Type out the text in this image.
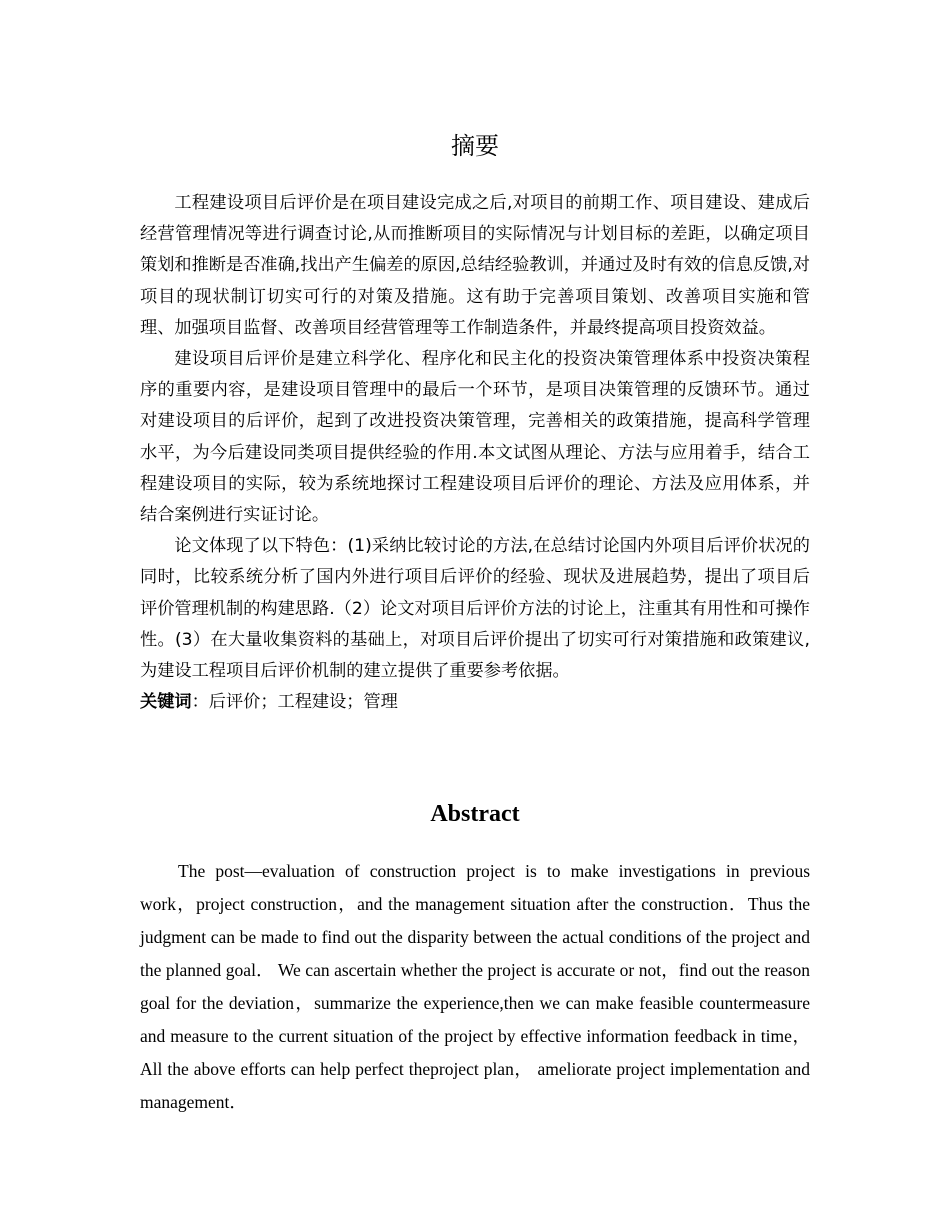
摘要

工程建设项目后评价是在项目建设完成之后,对项目的前期工作、项目建设、建成后经营管理情况等进行调查讨论,从而推断项目的实际情况与计划目标的差距，以确定项目策划和推断是否准确,找出产生偏差的原因,总结经验教训，并通过及时有效的信息反馈,对项目的现状制订切实可行的对策及措施。这有助于完善项目策划、改善项目实施和管理、加强项目监督、改善项目经营管理等工作制造条件，并最终提高项目投资效益。

建设项目后评价是建立科学化、程序化和民主化的投资决策管理体系中投资决策程序的重要内容，是建设项目管理中的最后一个环节，是项目决策管理的反馈环节。通过对建设项目的后评价，起到了改进投资决策管理，完善相关的政策措施，提高科学管理水平，为今后建设同类项目提供经验的作用.本文试图从理论、方法与应用着手，结合工程建设项目的实际，较为系统地探讨工程建设项目后评价的理论、方法及应用体系，并结合案例进行实证讨论。

论文体现了以下特色：(1)采纳比较讨论的方法,在总结讨论国内外项目后评价状况的同时，比较系统分析了国内外进行项目后评价的经验、现状及进展趋势，提出了项目后评价管理机制的构建思路.（2）论文对项目后评价方法的讨论上，注重其有用性和可操作性。(3）在大量收集资料的基础上，对项目后评价提出了切实可行对策措施和政策建议,为建设工程项目后评价机制的建立提供了重要参考依据。

关键词：后评价；工程建设；管理

Abstract

The post—evaluation of construction project is to make investigations in previous work，project construction，and the management situation after the construction．Thus the judgment can be made to find out the disparity between the actual conditions of the project and the planned goal． We can ascertain whether the project is accurate or not，find out the reason goal for the deviation，summarize the experience,then we can make feasible countermeasure and measure to the current situation of the project by effective information feedback in time，All the above efforts can help perfect theproject plan， ameliorate project implementation and management．
